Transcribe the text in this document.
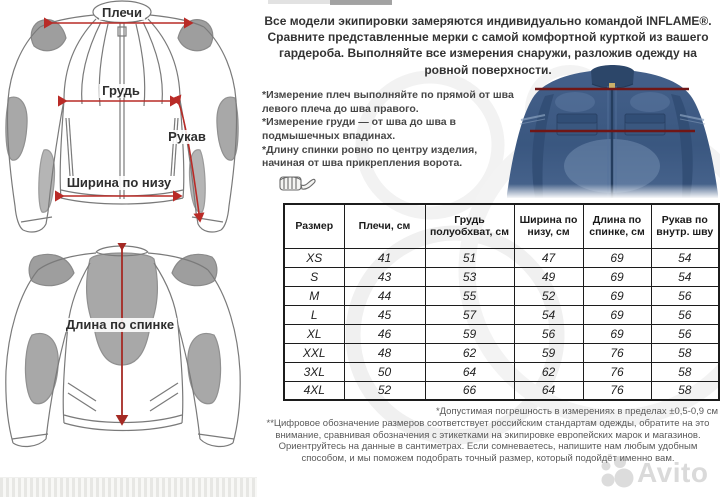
Плечи
Грудь
Рукав
Ширина по низу
Длина по спинке

Все модели экипировки замеряются индивидуально командой INFLAME®. Сравните представленные мерки с самой комфортной курткой из вашего гардероба. Выполняйте все измерения снаружи, разложив одежду на ровной поверхности.

*Измерение плеч выполняйте по прямой от шва левого плеча до шва правого.

*Измерение груди — от шва до шва в подмышечных впадинах.

*Длину спинки ровно по центру изделия, начиная от шва прикрепления ворота.

Размер	Плечи, см	Грудь полуобхват, см	Ширина по низу, см	Длина по спинке, см	Рукав по внутр. шву
XS	41	51	47	69	54
S	43	53	49	69	54
M	44	55	52	69	56
L	45	57	54	69	56
XL	46	59	56	69	56
XXL	48	62	59	76	58
3XL	50	64	62	76	58
4XL	52	66	64	76	58

*Допустимая погрешность в измерениях в пределах ±0,5-0,9 см

**Цифровое обозначение размеров соответствует российским стандартам одежды, обратите на это внимание, сравнивая обозначения с этикетками на экипировке европейских марок и магазинов. Ориентруйтесь на данные в сантиметрах. Если сомневаетесь, напишите нам любым удобным способом, и мы поможем подобрать точный размер, который подойдёт именно вам.

Avito
